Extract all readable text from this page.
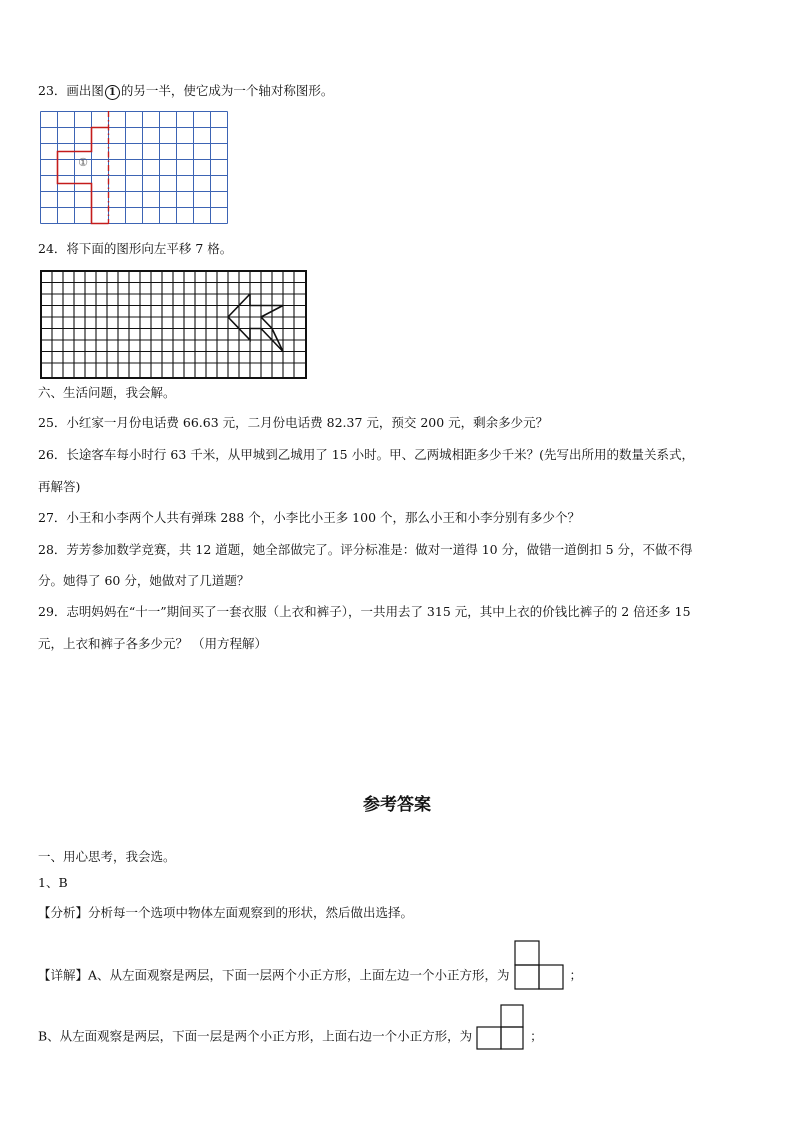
23．画出图 1 的另一半，使它成为一个轴对称图形。
①
24．将下面的图形向左平移 7 格。
六、生活问题，我会解。
25．小红家一月份电话费 66.63 元，二月份电话费 82.37 元，预交 200 元，剩余多少元？
26．长途客车每小时行 63 千米，从甲城到乙城用了 15 小时。甲、乙两城相距多少千米？(先写出所用的数量关系式，
再解答)
27．小王和小李两个人共有弹珠 288 个，小李比小王多 100 个，那么小王和小李分别有多少个？
28．芳芳参加数学竞赛，共 12 道题，她全部做完了。评分标准是：做对一道得 10 分，做错一道倒扣 5 分，不做不得
分。她得了 60 分，她做对了几道题？
29．志明妈妈在“十一”期间买了一套衣服（上衣和裤子），一共用去了 315 元，其中上衣的价钱比裤子的 2 倍还多 15
元，上衣和裤子各多少元？ （用方程解）
参考答案
一、用心思考，我会选。
1、B
【分析】分析每一个选项中物体左面观察到的形状，然后做出选择。
【详解】A、从左面观察是两层，下面一层两个小正方形，上面左边一个小正方形，为	；
B、从左面观察是两层，下面一层是两个小正方形，上面右边一个小正方形，为	；
